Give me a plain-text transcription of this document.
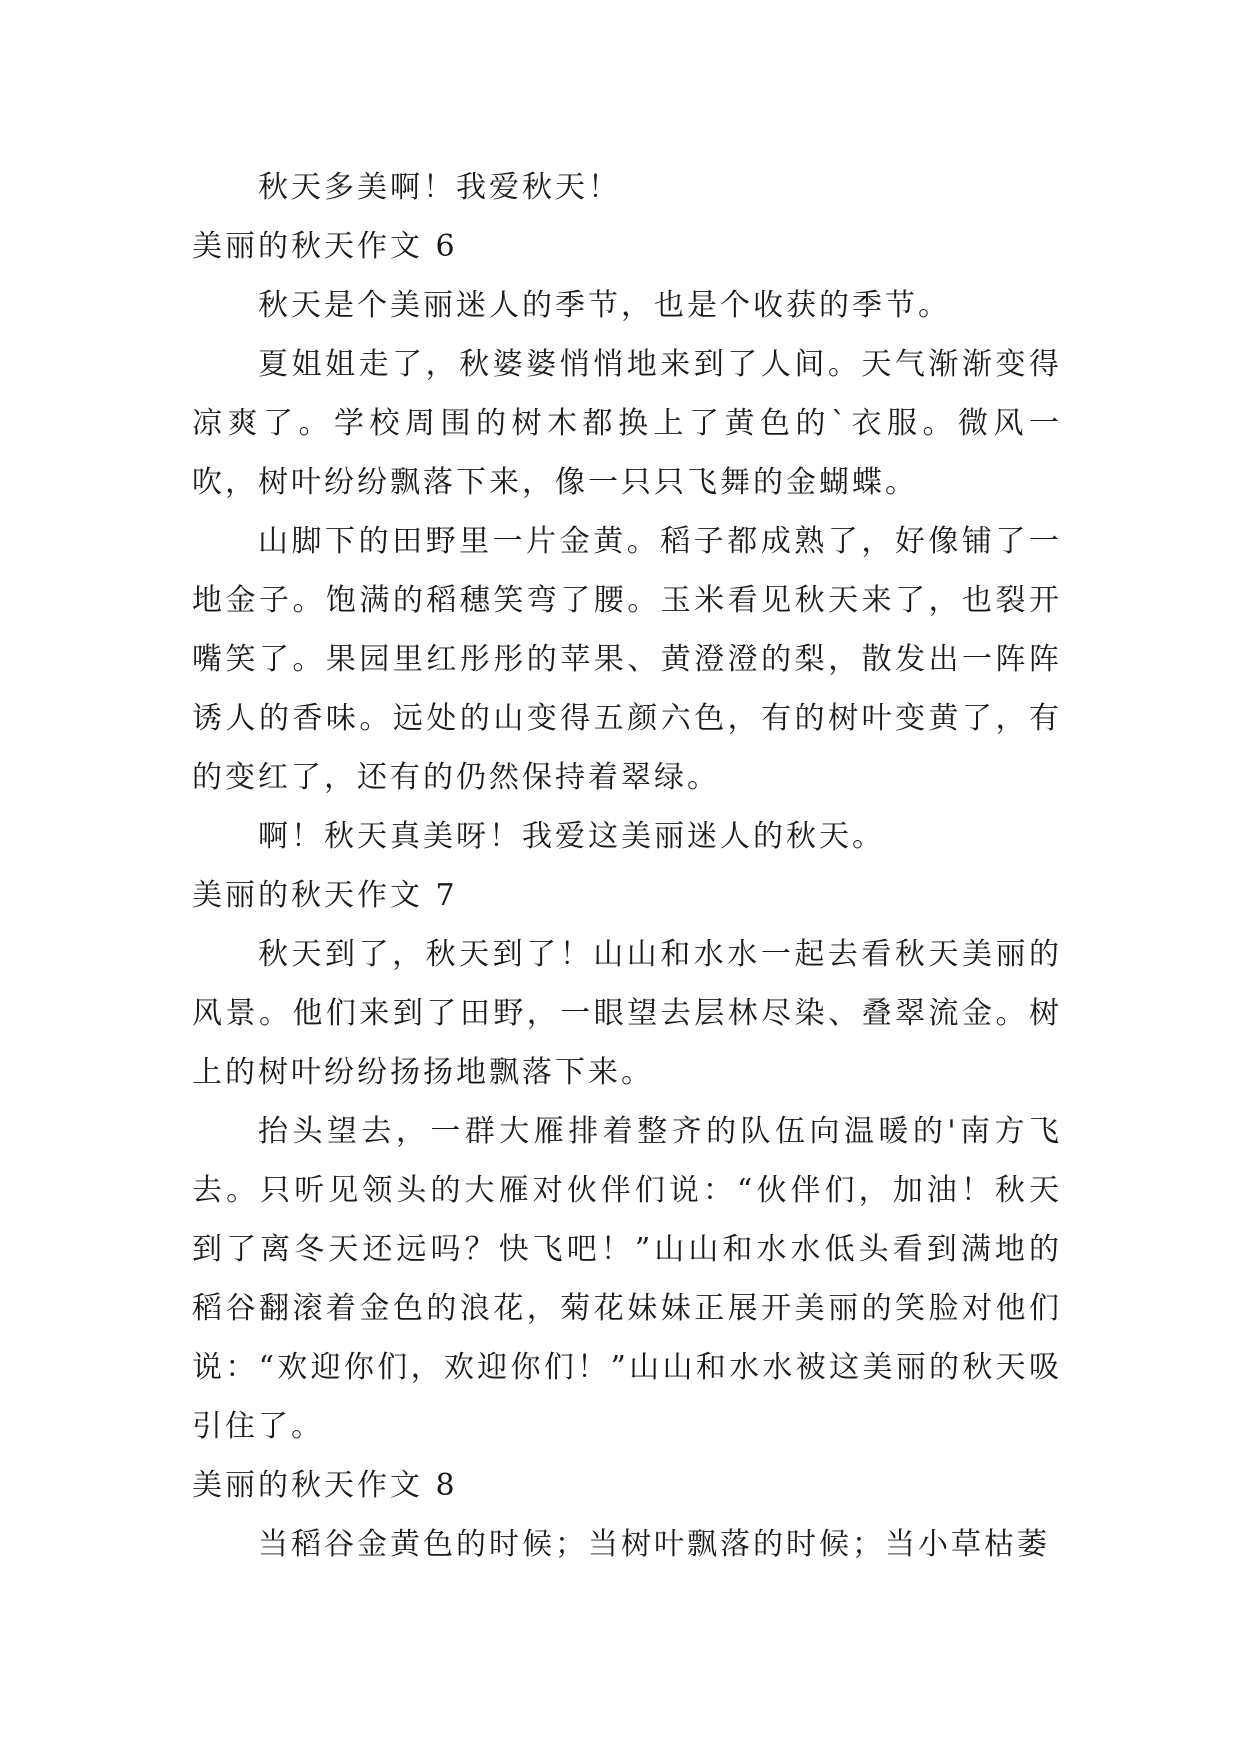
秋天多美啊！我爱秋天！

美丽的秋天作文 6

秋天是个美丽迷人的季节，也是个收获的季节。

夏姐姐走了，秋婆婆悄悄地来到了人间。天气渐渐变得凉爽了。学校周围的树木都换上了黄色的`衣服。微风一吹，树叶纷纷飘落下来，像一只只飞舞的金蝴蝶。

山脚下的田野里一片金黄。稻子都成熟了，好像铺了一地金子。饱满的稻穗笑弯了腰。玉米看见秋天来了，也裂开嘴笑了。果园里红彤彤的苹果、黄澄澄的梨，散发出一阵阵诱人的香味。远处的山变得五颜六色，有的树叶变黄了，有的变红了，还有的仍然保持着翠绿。

啊！秋天真美呀！我爱这美丽迷人的秋天。

美丽的秋天作文 7

秋天到了，秋天到了！山山和水水一起去看秋天美丽的风景。他们来到了田野，一眼望去层林尽染、叠翠流金。树上的树叶纷纷扬扬地飘落下来。

抬头望去，一群大雁排着整齐的队伍向温暖的'南方飞去。只听见领头的大雁对伙伴们说：“伙伴们，加油！秋天到了离冬天还远吗？快飞吧！”山山和水水低头看到满地的稻谷翻滚着金色的浪花，菊花妹妹正展开美丽的笑脸对他们说：“欢迎你们，欢迎你们！”山山和水水被这美丽的秋天吸引住了。

美丽的秋天作文 8

当稻谷金黄色的时候；当树叶飘落的时候；当小草枯萎
